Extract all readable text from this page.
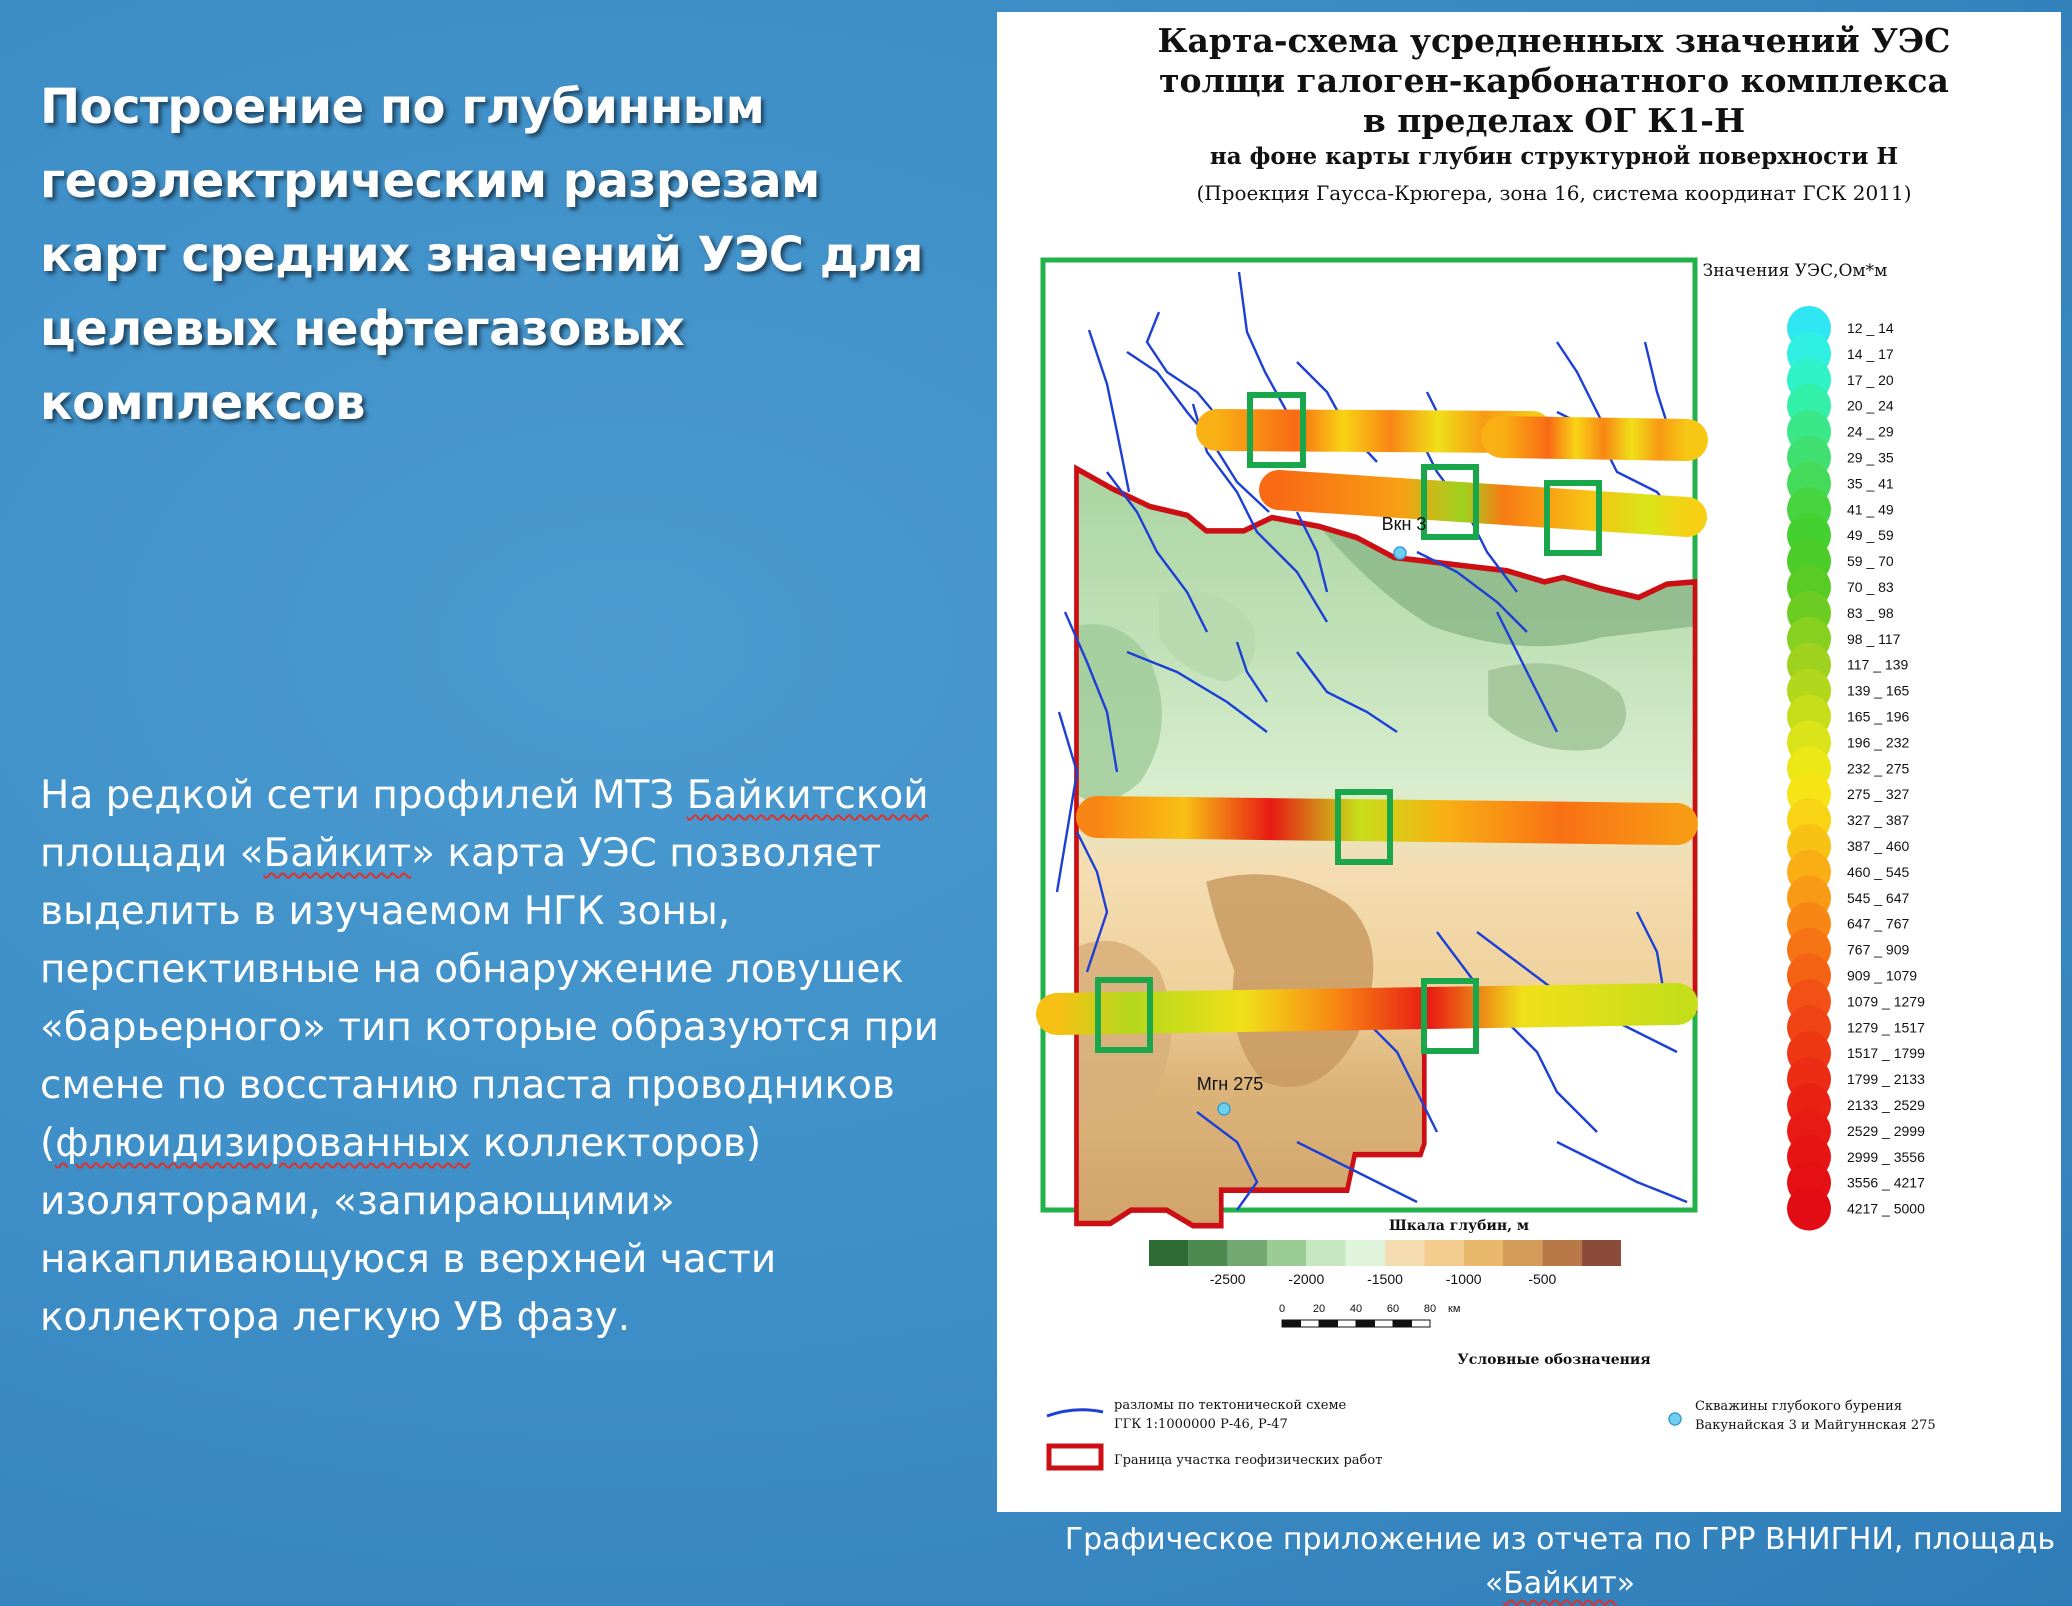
Построение по глубинным
геоэлектрическим разрезам
карт средних значений УЭС для
целевых нефтегазовых
комплексов

На редкой сети профилей МТЗ Байкитской
площади «Байкит» карта УЭС позволяет
выделить в изучаемом НГК зоны,
перспективные на обнаружение ловушек
«барьерного» тип которые образуются при
смене по восстанию пласта проводников
(флюидизированных коллекторов)
изоляторами, «запирающими»
накапливающуюся в верхней части
коллектора легкую УВ фазу.

Карта-схема усредненных значений УЭС
толщи галоген-карбонатного комплекса
в пределах ОГ К1-Н
на фоне карты глубин структурной поверхности Н
(Проекция Гаусса-Крюгера, зона 16, система координат ГСК 2011)
Вкн 3
Мгн 275
Значения УЭС,Ом*м
12 _ 14
14 _ 17
17 _ 20
20 _ 24
24 _ 29
29 _ 35
35 _ 41
41 _ 49
49 _ 59
59 _ 70
70 _ 83
83 _ 98
98 _ 117
117 _ 139
139 _ 165
165 _ 196
196 _ 232
232 _ 275
275 _ 327
327 _ 387
387 _ 460
460 _ 545
545 _ 647
647 _ 767
767 _ 909
909 _ 1079
1079 _ 1279
1279 _ 1517
1517 _ 1799
1799 _ 2133
2133 _ 2529
2529 _ 2999
2999 _ 3556
3556 _ 4217
4217 _ 5000
Шкала глубин, м
-2500	-2000	-1500	-1000	-500
0	20 40 60 80 км
Условные обозначения
разломы по тектонической схеме
ГГК 1:1000000 Р-46, Р-47
Граница участка геофизических работ
Скважины глубокого бурения
Вакунайская 3 и Майгуннская 275

Графическое приложение из отчета по ГРР ВНИГНИ, площадь
«Байкит»
